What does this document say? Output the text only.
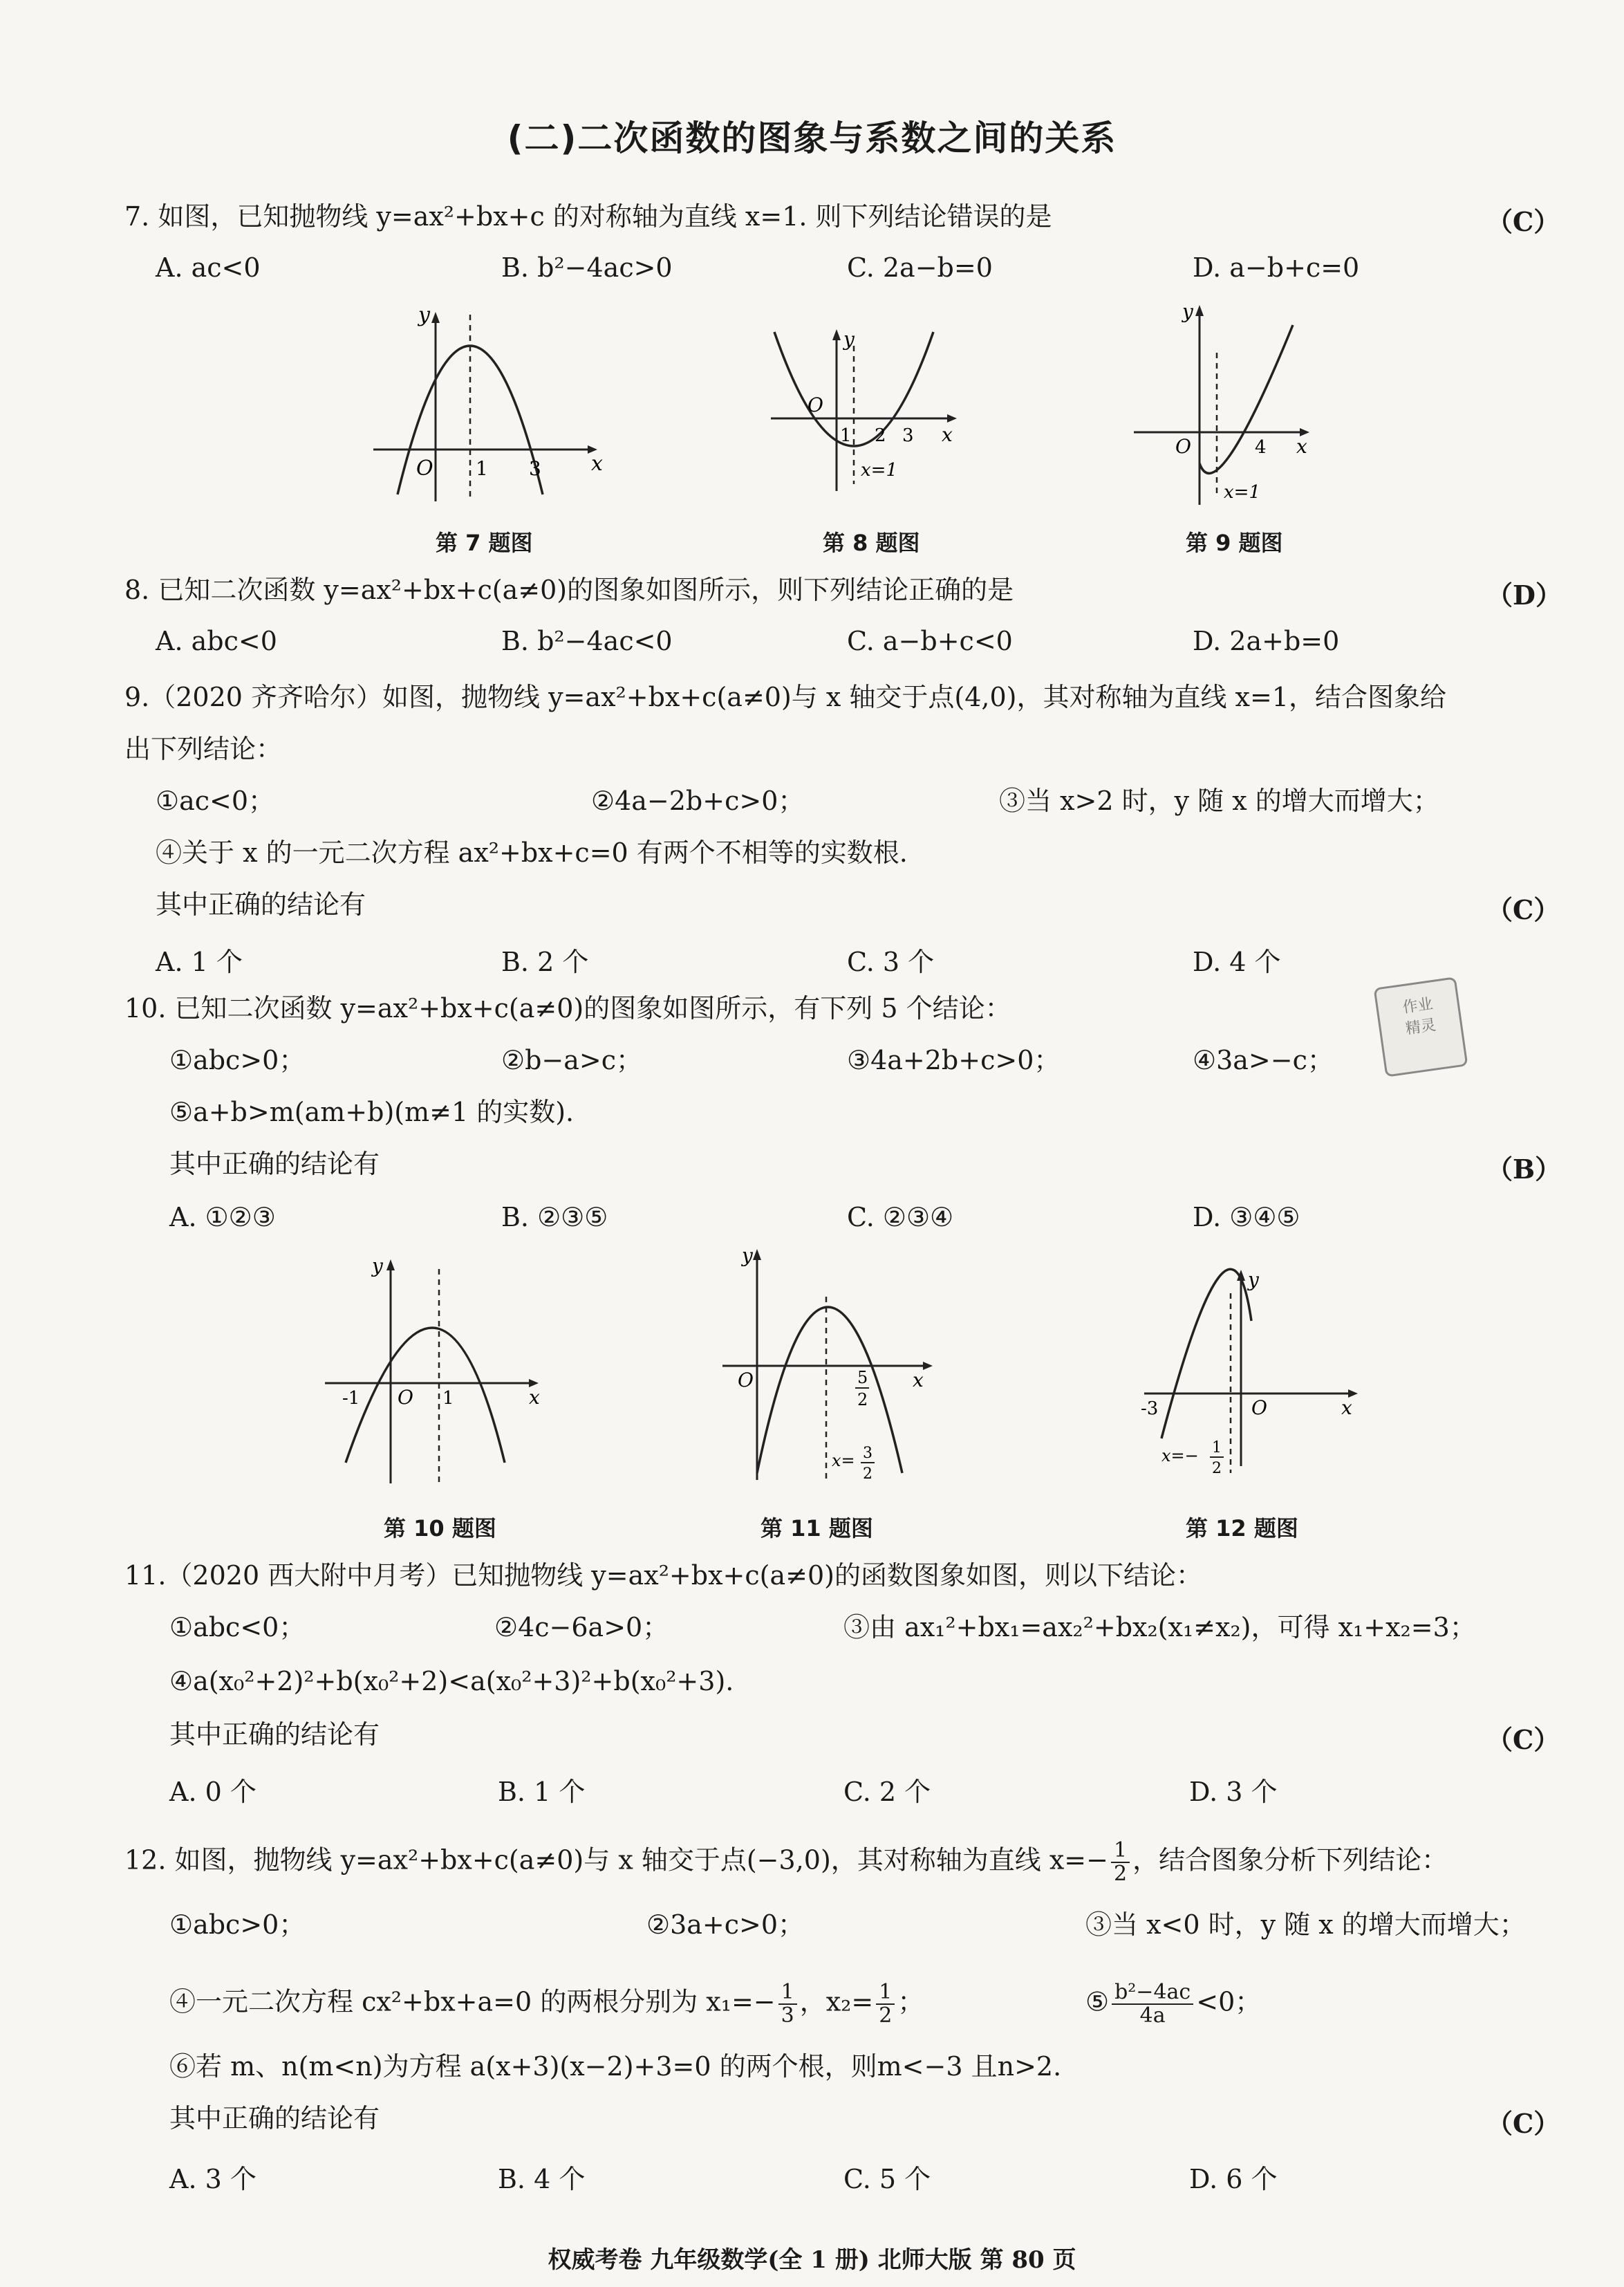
(二)二次函数的图象与系数之间的关系
7. 如图，已知抛物线 y=ax²+bx+c 的对称轴为直线 x=1. 则下列结论错误的是	（C）
A. ac<0	B. b²−4ac>0	C. 2a−b=0	D. a−b+c=0
y
x
O 1 3
第 7 题图
y
x
O
1 2 3
x=1
第 8 题图
y
x
O	4
x=1
第 9 题图
8. 已知二次函数 y=ax²+bx+c(a≠0)的图象如图所示，则下列结论正确的是	（D）
A. abc<0	B. b²−4ac<0	C. a−b+c<0	D. 2a+b=0
9.（2020 齐齐哈尔）如图，抛物线 y=ax²+bx+c(a≠0)与 x 轴交于点(4,0)，其对称轴为直线 x=1，结合图象给
出下列结论：
①ac<0；	②4a−2b+c>0；	③当 x>2 时，y 随 x 的增大而增大；
④关于 x 的一元二次方程 ax²+bx+c=0 有两个不相等的实数根.
其中正确的结论有	（C）
A. 1 个	B. 2 个	C. 3 个	D. 4 个
作业
精灵
10. 已知二次函数 y=ax²+bx+c(a≠0)的图象如图所示，有下列 5 个结论：
①abc>0；	②b−a>c；	③4a+2b+c>0；	④3a>−c；
⑤a+b>m(am+b)(m≠1 的实数).
其中正确的结论有	（B）
A. ①②③	B. ②③⑤	C. ②③④	D. ③④⑤
y
x
-1 O 1
第 10 题图
y
x
O	5
2
x= 3
2
第 11 题图
y
x
-3	O
x=− 1
2
第 12 题图
11.（2020 西大附中月考）已知抛物线 y=ax²+bx+c(a≠0)的函数图象如图，则以下结论：
①abc<0；	②4c−6a>0；	③由 ax₁²+bx₁=ax₂²+bx₂(x₁≠x₂)，可得 x₁+x₂=3；
④a(x₀²+2)²+b(x₀²+2)<a(x₀²+3)²+b(x₀²+3).
其中正确的结论有	（C）
A. 0 个	B. 1 个	C. 2 个	D. 3 个
12. 如图，抛物线 y=ax²+bx+c(a≠0)与 x 轴交于点(−3,0)，其对称轴为直线 $x=- \frac{1}{2}$ ，结合图象分析下列结论：
①abc>0；	②3a+c>0；	③当 x<0 时，y 随 x 的增大而增大；
④一元二次方程 cx²+bx+a=0 的两根分别为 $x_1=- \frac{1}{3}$ ，$x_2= \frac{1}{2}$ ；	⑤ $\frac{\text{b²−4ac}}{4a} <0$；
⑥若 m、n(m<n)为方程 a(x+3)(x−2)+3=0 的两个根，则m<−3 且n>2.
其中正确的结论有	（C）
A. 3 个	B. 4 个	C. 5 个	D. 6 个
权威考卷 九年级数学(全 1 册) 北师大版 第 80 页
